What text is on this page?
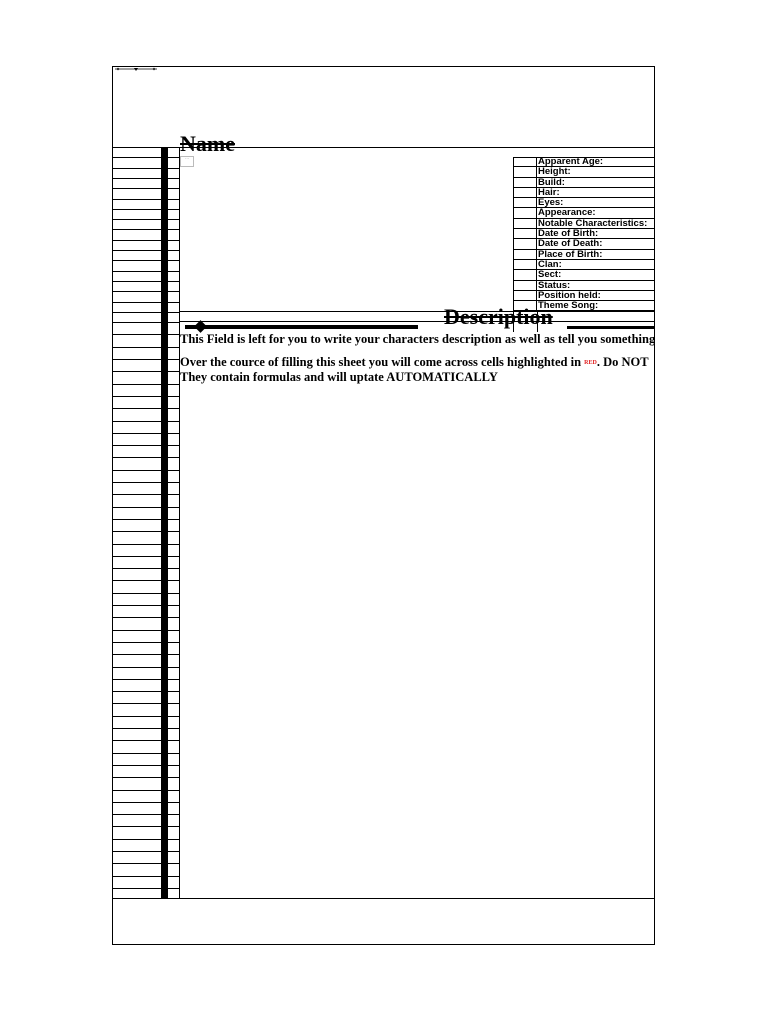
Name
···	Apparent Age:
Height:
Build:
Hair:
Eyes:
Appearance:
Notable Characteristics:
Date of Birth:
Date of Death:
Place of Birth:
Clan:
Sect:
Status:
Position held:
Theme Song:
Description
This Field is left for you to write your characters description as well as tell you something
Over the cource of filling this sheet you will come across cells highlighted in RED. Do NOT
They contain formulas and will uptate AUTOMATICALLY
